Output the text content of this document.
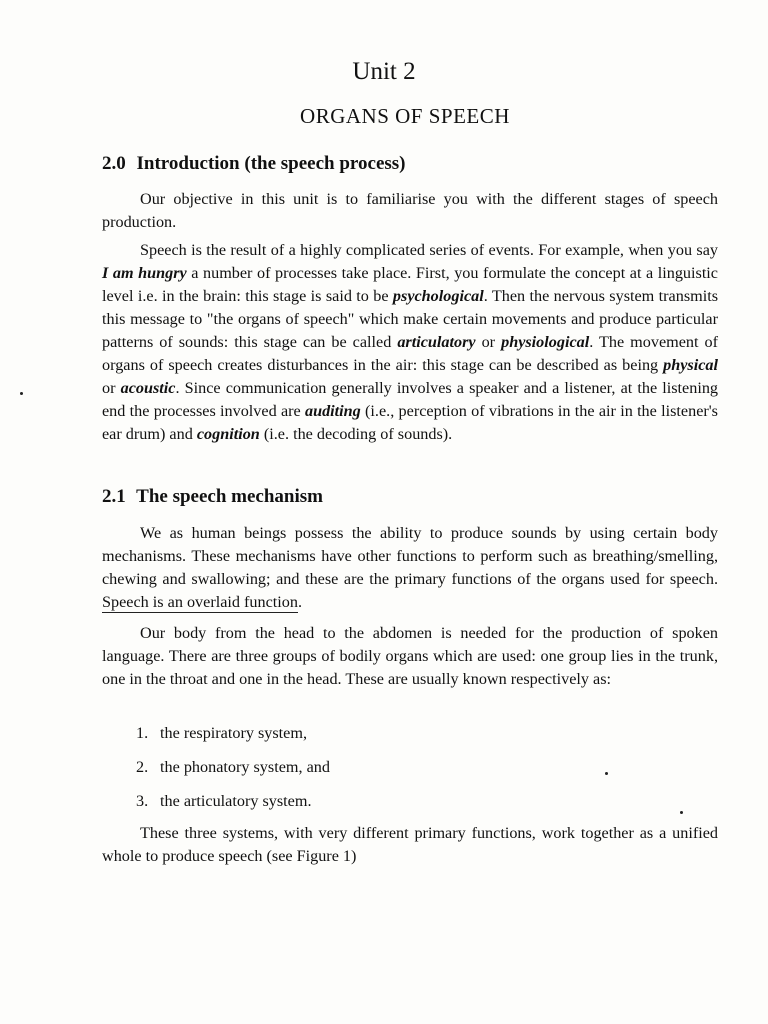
Unit 2
ORGANS OF SPEECH
2.0 Introduction (the speech process)

Our objective in this unit is to familiarise you with the different stages of speech production.

Speech is the result of a highly complicated series of events. For example, when you say I am hungry a number of processes take place. First, you formulate the concept at a linguistic level i.e. in the brain: this stage is said to be psychological. Then the nervous system transmits this message to "the organs of speech" which make certain movements and produce particular patterns of sounds: this stage can be called articulatory or physiological. The movement of organs of speech creates disturbances in the air: this stage can be described as being physical or acoustic. Since communication generally involves a speaker and a listener, at the listening end the processes involved are auditing (i.e., perception of vibrations in the air in the listener's ear drum) and cognition (i.e. the decoding of sounds).

2.1 The speech mechanism

We as human beings possess the ability to produce sounds by using certain body mechanisms. These mechanisms have other functions to perform such as breathing/smelling, chewing and swallowing; and these are the primary functions of the organs used for speech. Speech is an overlaid function.

Our body from the head to the abdomen is needed for the production of spoken language. There are three groups of bodily organs which are used: one group lies in the trunk, one in the throat and one in the head. These are usually known respectively as:

1. the respiratory system,
2. the phonatory system, and
3. the articulatory system.

These three systems, with very different primary functions, work together as a unified whole to produce speech (see Figure 1)
